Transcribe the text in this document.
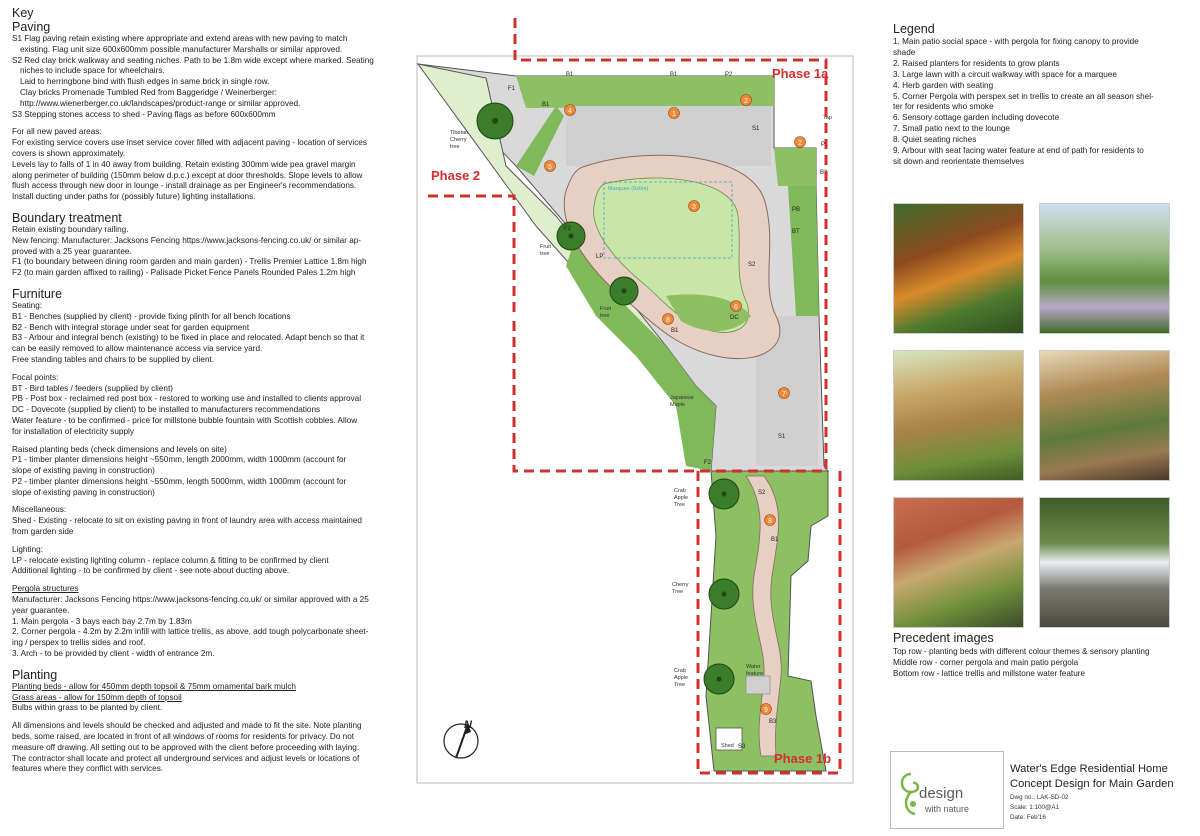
Key
Paving

S1 Flag paving retain existing where appropriate and extend areas with new paving to match

existing. Flag unit size 600x600mm possible manufacturer Marshalls or similar approved.

S2 Red clay brick walkway and seating niches. Path to be 1.8m wide except where marked. Seating

niches to include space for wheelchairs.

Laid to herringbone bind with flush edges in same brick in single row.

Clay bricks Promenade Tumbled Red from Baggeridge / Weinerberger:

http://www.wienerberger.co.uk/landscapes/product-range or similar approved.

S3 Stepping stones access to shed - Paving flags as before 600x600mm

For all new paved areas:

For existing service covers use inset service cover filled with adjacent paving - location of services

covers is shown approximately.

Levels lay to falls of 1 in 40 away from building. Retain existing 300mm wide pea gravel margin

along perimeter of building (150mm below d.p.c.) except at door thresholds. Slope levels to allow

flush access through new door in lounge - install drainage as per Engineer's recommendations.

Install ducting under paths for (possibly future) lighting installations.

Boundary treatment

Retain existing boundary railing.

New fencing: Manufacturer: Jacksons Fencing https://www.jacksons-fencing.co.uk/ or similar ap-

proved with a 25 year guarantee.

F1 (to boundary between dining room garden and main garden) - Trellis Premier Lattice 1.8m high

F2 (to main garden affixed to railing) - Palisade Picket Fence Panels Rounded Pales 1.2m high

Furniture

Seating:

B1 - Benches (supplied by client) - provide fixing plinth for all bench locations

B2 - Bench with integral storage under seat for garden equipment

B3 - Arbour and integral bench (existing) to be fixed in place and relocated. Adapt bench so that it

can be easily removed to allow maintenance access via service yard.

Free standing tables and chairs to be supplied by client.

Focal points:

BT - Bird tables / feeders (supplied by client)

PB - Post box - reclaimed red post box - restored to working use and installed to clients approval

DC - Dovecote (supplied by client) to be installed to manufacturers recommendations

Water feature - to be confirmed - price for millstone bubble fountain with Scottish cobbles. Allow

for installation of electricity supply

Raised planting beds (check dimensions and levels on site)

P1 - timber planter dimensions height ~550mm, length 2000mm, width 1000mm (account for

slope of existing paving in construction)

P2 - timber planter dimensions height ~550mm, length 5000mm, width 1000mm (account for

slope of existing paving in construction)

Miscellaneous:

Shed - Existing - relocate to sit on existing paving in front of laundry area with access maintained

from garden side

Lighting:

LP - relocate existing lighting column - replace column & fitting to be confirmed by client

Additional lighting - to be confirmed by client - see note about ducting above.

Pergola structures

Manufacturer: Jacksons Fencing https://www.jacksons-fencing.co.uk/ or similar approved with a 25

year guarantee.

1. Main pergola - 3 bays each bay 2.7m by 1.83m

2. Corner pergola - 4.2m by 2.2m infill with lattice trellis, as above, add tough polycarbonate sheet-

ing / perspex to trellis sides and roof.

3. Arch - to be provided by client - width of entrance 2m.

Planting

Planting beds - allow for 450mm depth topsoil & 75mm ornamental bark mulch

Grass areas - allow for 150mm depth of topsoil

Bulbs within grass to be planted by client.

All dimensions and levels should be checked and adjusted and made to fit the site. Note planting

beds, some raised, are located in front of all windows of rooms for residents for privacy. Do not

measure off drawing. All setting out to be approved with the client before proceeding with laying.

The contractor shall locate and protect all underground services and adjust levels or locations of

features where they conflict with services.

Marquee (6x6m)
Shed
Water
feature
Tibetan
Cherry
tree
Fruit
tree
Fruit
tree
Japanese
Maple
Crab
Apple
Tree
Cherry
Tree
Crab
Apple
Tree
B1	B1	P2
B1
Tap
P1
B2
S1
S1
S2
S2
B1
B1
B3
PB
BT
DC
F2
F2
F1
LP
S3
1
2
2
3
4
5
6
7
8
8
9
Phase 1a
Phase 2
Phase 1b
N
Legend

1. Main patio social space - with pergola for fixing canopy to provide

shade

2. Raised planters for residents to grow plants

3. Large lawn with a circuit walkway with space for a marquee

4. Herb garden with seating

5. Corner Pergola with perspex set in trellis to create an all season shel-

ter for residents who smoke

6. Sensory cottage garden including dovecote

7. Small patio next to the lounge

8. Quiet seating niches

9. Arbour with seat facing water feature at end of path for residents to

sit down and reorientate themselves

Precedent images

Top row - planting beds with different colour themes & sensory planting

Middle row - corner pergola and main patio pergola

Bottom row - lattice trellis and millstone water feature

design
with nature
Water's Edge Residential Home
Concept Design for Main Garden
Dwg no.: LAK-SD-02
Scale: 1:100@A1
Date: Feb'16
